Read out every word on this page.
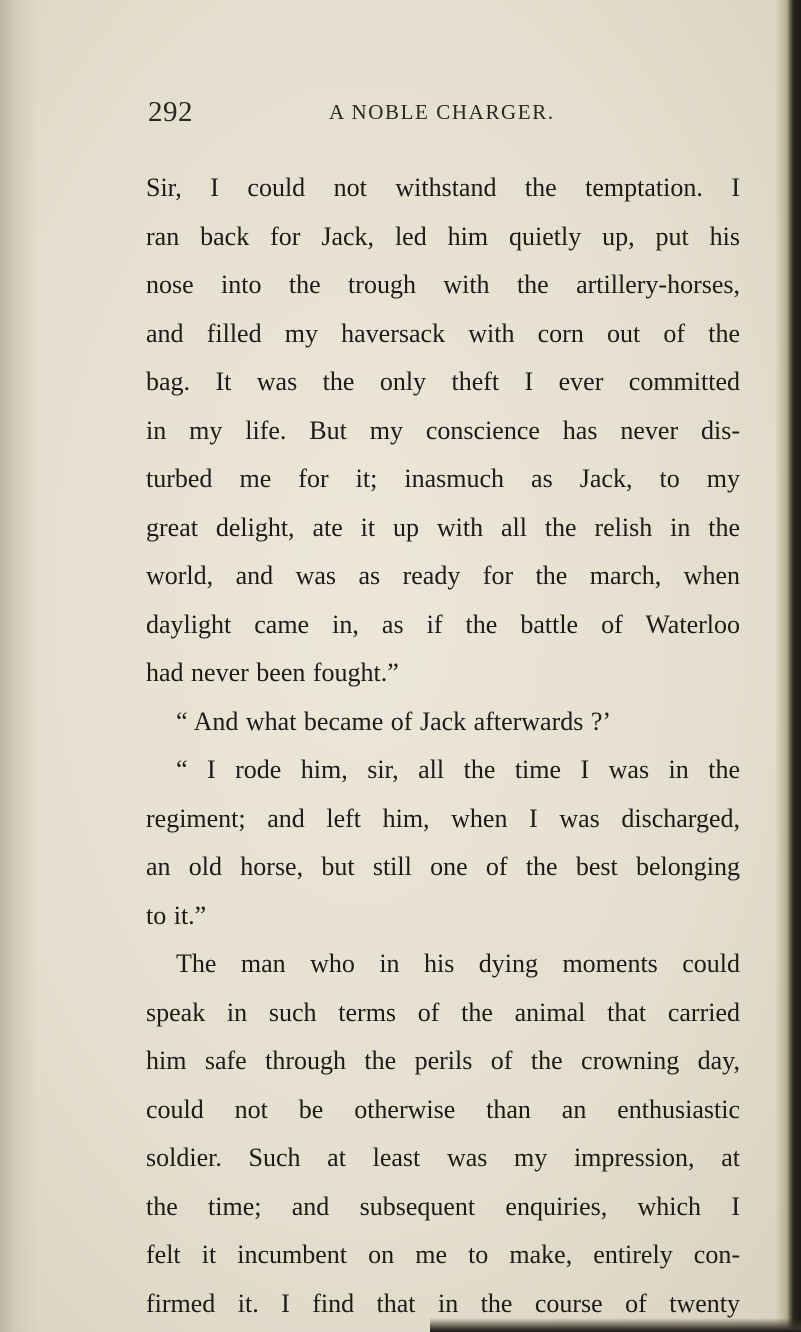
292	A NOBLE CHARGER.
Sir, I could not withstand the temptation. I
ran back for Jack, led him quietly up, put his
nose into the trough with the artillery-horses,
and filled my haversack with corn out of the
bag. It was the only theft I ever committed
in my life. But my conscience has never dis-
turbed me for it; inasmuch as Jack, to my
great delight, ate it up with all the relish in the
world, and was as ready for the march, when
daylight came in, as if the battle of Waterloo
had never been fought.”
“ And what became of Jack afterwards ?’
“ I rode him, sir, all the time I was in the
regiment; and left him, when I was discharged,
an old horse, but still one of the best belonging
to it.”
The man who in his dying moments could
speak in such terms of the animal that carried
him safe through the perils of the crowning day,
could not be otherwise than an enthusiastic
soldier. Such at least was my impression, at
the time; and subsequent enquiries, which I
felt it incumbent on me to make, entirely con-
firmed it. I find that in the course of twenty
